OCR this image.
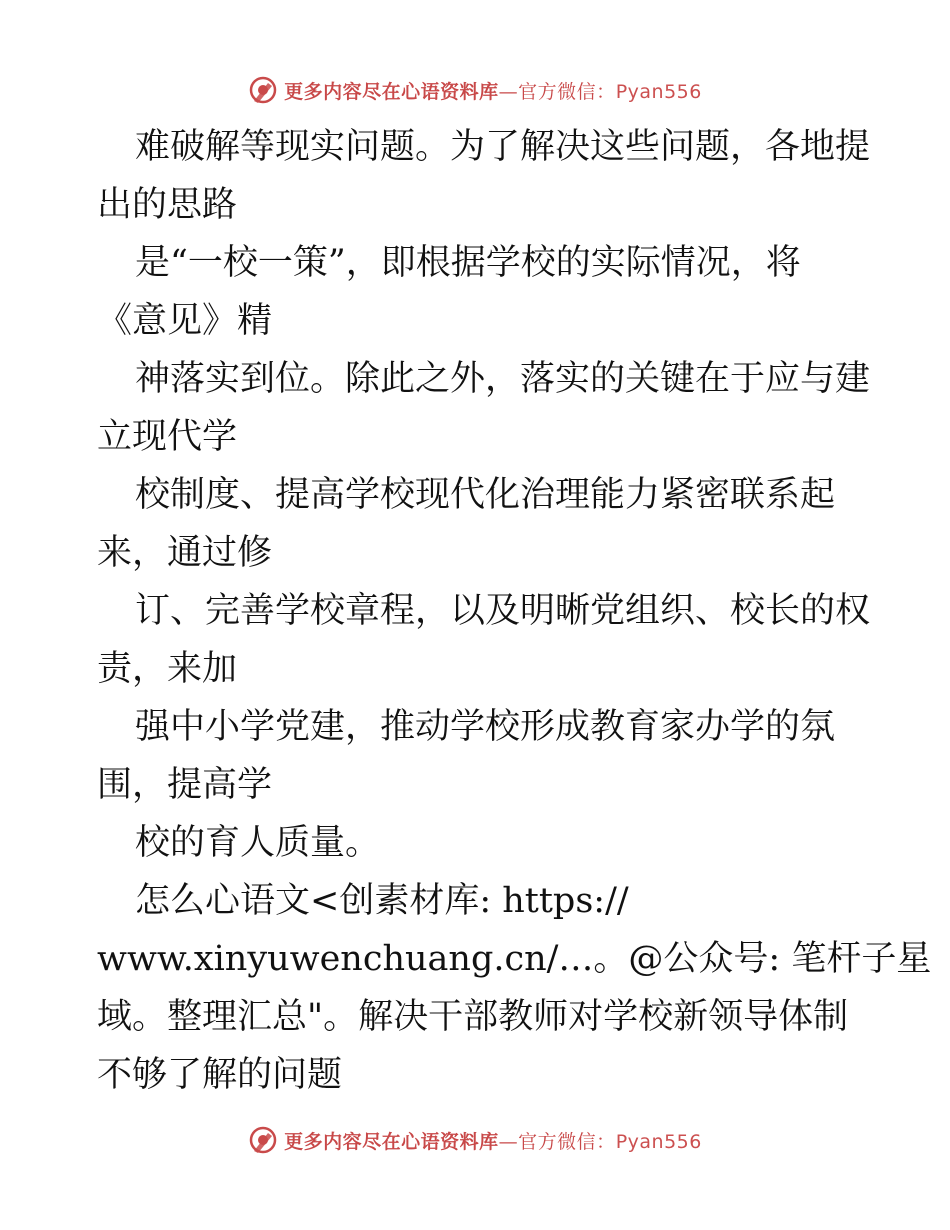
更多内容尽在心语资料库—官方微信：Pyan556
难破解等现实问题。为了解决这些问题，各地提
出的思路
是“一校一策”，即根据学校的实际情况，将
《意见》精
神落实到位。除此之外，落实的关键在于应与建
立现代学
校制度、提高学校现代化治理能力紧密联系起
来，通过修
订、完善学校章程，以及明晰党组织、校长的权
责，来加
强中小学党建，推动学校形成教育家办学的氛
围，提高学
校的育人质量。
怎么心语文<创素材库: https://
www.xinyuwenchuang.cn/…。@公众号: 笔杆子星
域。整理汇总"。解决干部教师对学校新领导体制
不够了解的问题
更多内容尽在心语资料库—官方微信：Pyan556
